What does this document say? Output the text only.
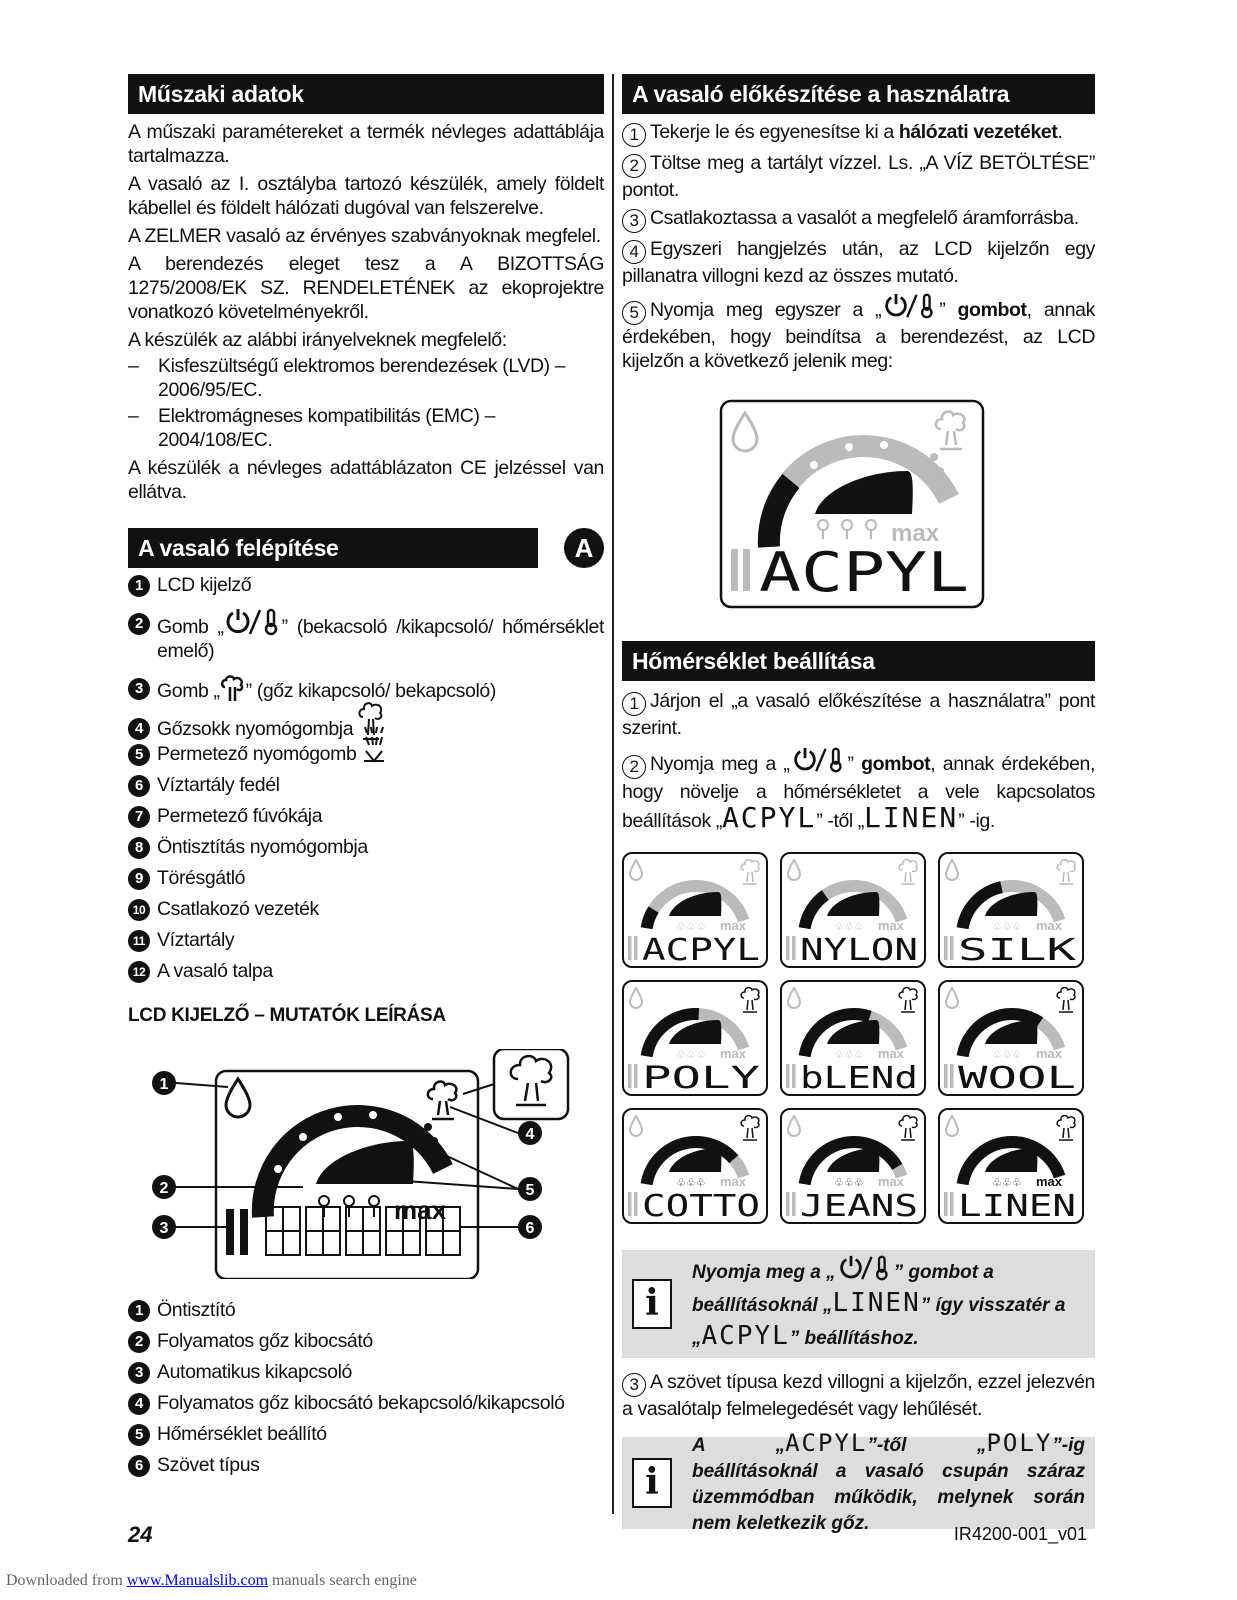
Műszaki adatok

A műszaki paramétereket a termék névleges adattáblája tartalmazza.

A vasaló az I. osztályba tartozó készülék, amely földelt kábellel és földelt hálózati dugóval van felszerelve.

A ZELMER vasaló az érvényes szabványoknak megfelel.

A berendezés eleget tesz a A BIZOTTSÁG 1275/2008/EK SZ. RENDELETÉNEK az ekoprojektre vonatkozó követelményekről.

A készülék az alábbi irányelveknek megfelelő:

–	Kisfeszültségű elektromos berendezések (LVD) – 2006/95/EC.
–	Elektromágneses kompatibilitás (EMC) – 2004/108/EC.

A készülék a névleges adattáblázaton CE jelzéssel van ellátva.

A vasaló felépítése	A
1 LCD kijelző
2 Gomb „	” (bekacsoló /kikapcsoló/ hőmérséklet emelő)
3 Gomb „ ” (gőz kikapcsoló/ bekapcsoló)
4 Gőzsokk nyomógombja
5 Permetező nyomógomb
6 Víztartály fedél
7 Permetező fúvókája
8 Öntisztítás nyomógombja
9 Törésgátló
10 Csatlakozó vezeték
11 Víztartály
12 A vasaló talpa
LCD KIJELZŐ – MUTATÓK LEÍRÁSA
max
1
2
3
4
5
6
1 Öntisztító
2 Folyamatos gőz kibocsátó
3 Automatikus kikapcsoló
4 Folyamatos gőz kibocsátó bekapcsoló/kikapcsoló
5 Hőmérséklet beállító
6 Szövet típus
A vasaló előkészítése a használatra

1 Tekerje le és egyenesítse ki a hálózati vezetéket.

2 Töltse meg a tartályt vízzel. Ls. „A VÍZ BETÖLTÉSE” pontot.

3 Csatlakoztassa a vasalót a megfelelő áramforrásba.

4 Egyszeri hangjelzés után, az LCD kijelzőn egy pillanatra villogni kezd az összes mutató.

5 Nyomja meg egyszer a „	” gombot, annak érdekében, hogy beindítsa a berendezést, az LCD kijelzőn a következő jelenik meg:

max
ACPYL
Hőmérséklet beállítása

1 Járjon el „a vasaló előkészítése a használatra” pont szerint.

2 Nyomja meg a „	” gombot, annak érdekében, hogy növelje a hőmérsékletet a vele kapcsolatos beállítások „ACPYL” -től „LINEN” -ig.

max
♧♧♧
ACPYL
max
♧♧♧
NYLON
max
♧♧♧
SILK
max
♧♧♧
POLY
max
♧♧♧
bLENd
max
♧♧♧
WOOL
max
♧♧♧
COTTO
max
♧♧♧
JEANS
max
♧♧♧
LINEN
i
Nyomja meg a „	” gombot a beállításoknál „LINEN” így visszatér a „ACPYL” beállításhoz.

3 A szövet típusa kezd villogni a kijelzőn, ezzel jelezvén a vasalótalp felmelegedését vagy lehűlését.

i
A „ACPYL”-től „POLY”-ig beállításoknál a vasaló csupán száraz üzemmódban működik, melynek során nem keletkezik gőz.
24	IR4200-001_v01
Downloaded from www.Manualslib.com manuals search engine
